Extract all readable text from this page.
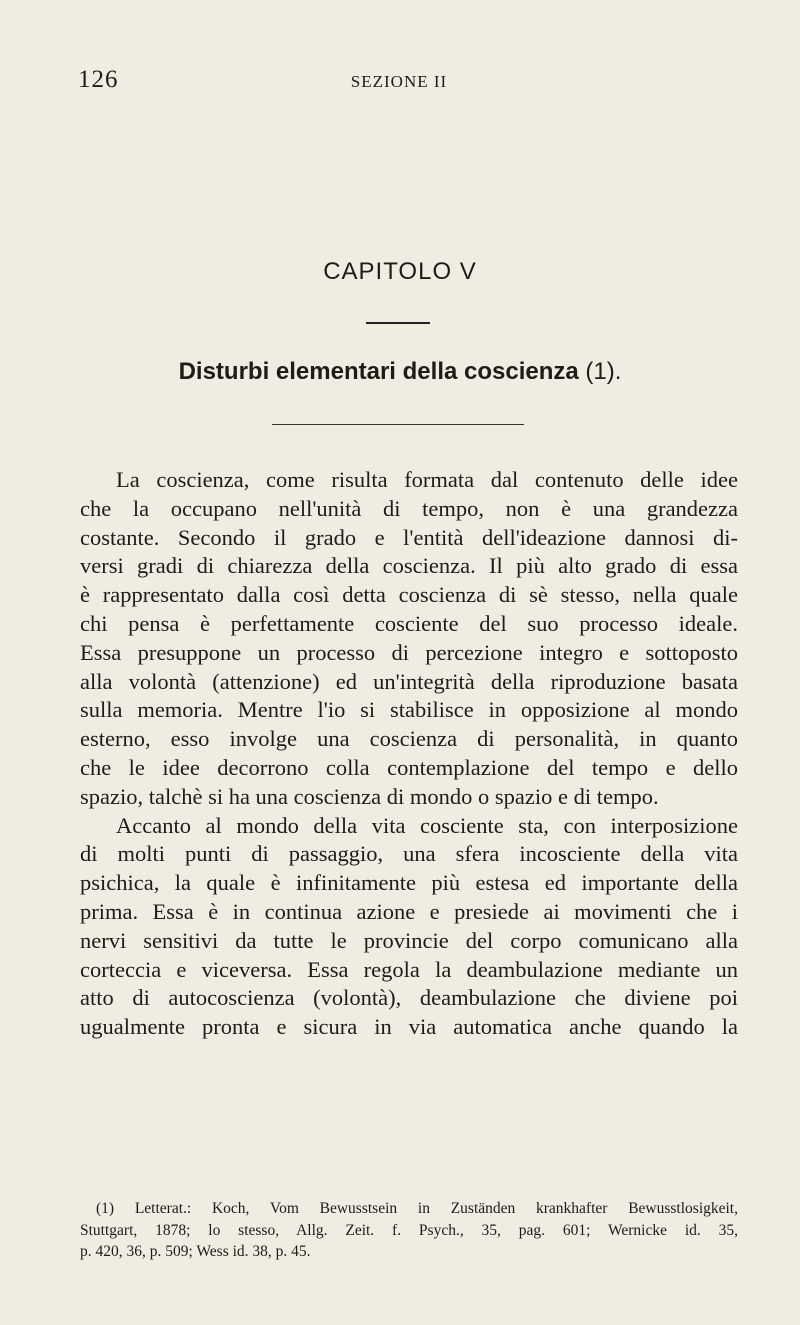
126	SEZIONE II
CAPITOLO V
Disturbi elementari della coscienza (1).
La coscienza, come risulta formata dal contenuto delle idee
che la occupano nell'unità di tempo, non è una grandezza
costante. Secondo il grado e l'entità dell'ideazione dannosi di-
versi gradi di chiarezza della coscienza. Il più alto grado di essa
è rappresentato dalla così detta coscienza di sè stesso, nella quale
chi pensa è perfettamente cosciente del suo processo ideale.
Essa presuppone un processo di percezione integro e sottoposto
alla volontà (attenzione) ed un'integrità della riproduzione basata
sulla memoria. Mentre l'io si stabilisce in opposizione al mondo
esterno, esso involge una coscienza di personalità, in quanto
che le idee decorrono colla contemplazione del tempo e dello
spazio, talchè si ha una coscienza di mondo o spazio e di tempo.
Accanto al mondo della vita cosciente sta, con interposizione
di molti punti di passaggio, una sfera incosciente della vita
psichica, la quale è infinitamente più estesa ed importante della
prima. Essa è in continua azione e presiede ai movimenti che i
nervi sensitivi da tutte le provincie del corpo comunicano alla
corteccia e viceversa. Essa regola la deambulazione mediante un
atto di autocoscienza (volontà), deambulazione che diviene poi
ugualmente pronta e sicura in via automatica anche quando la
(1) Letterat.: Koch, Vom Bewusstsein in Zuständen krankhafter Bewusstlosigkeit,
Stuttgart, 1878; lo stesso, Allg. Zeit. f. Psych., 35, pag. 601; Wernicke id. 35,
p. 420, 36, p. 509; Wess id. 38, p. 45.
